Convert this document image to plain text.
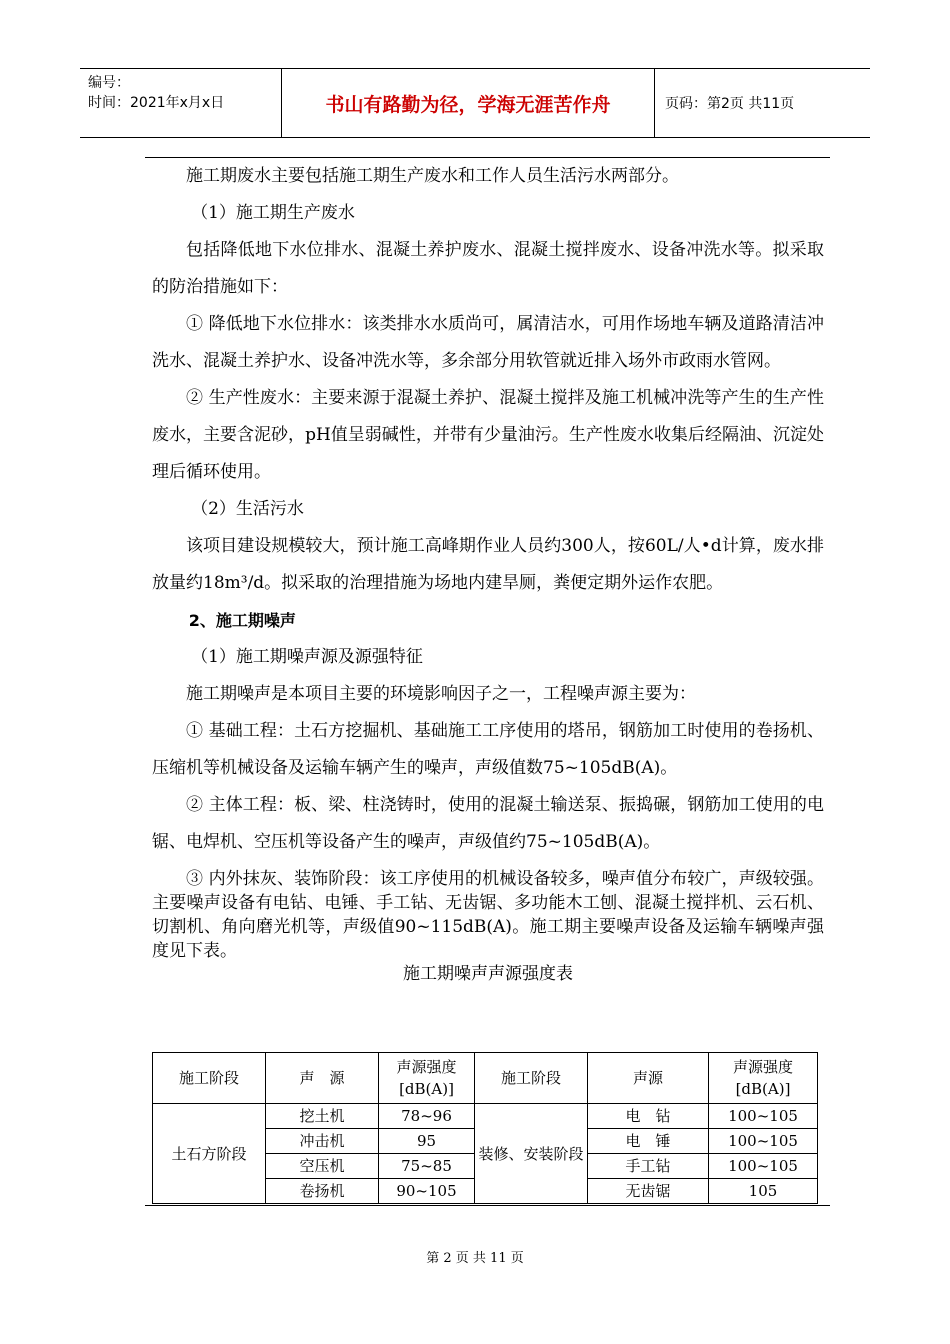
编号：
时间：2021年x月x日	书山有路勤为径，学海无涯苦作舟	页码：第2页 共11页

施工期废水主要包括施工期生产废水和工作人员生活污水两部分。

（1）施工期生产废水

包括降低地下水位排水、混凝土养护废水、混凝土搅拌废水、设备冲洗水等。拟采取的防治措施如下：

① 降低地下水位排水：该类排水水质尚可，属清洁水，可用作场地车辆及道路清洁冲洗水、混凝土养护水、设备冲洗水等，多余部分用软管就近排入场外市政雨水管网。

② 生产性废水：主要来源于混凝土养护、混凝土搅拌及施工机械冲洗等产生的生产性废水，主要含泥砂，pH值呈弱碱性，并带有少量油污。生产性废水收集后经隔油、沉淀处理后循环使用。

（2）生活污水

该项目建设规模较大，预计施工高峰期作业人员约300人，按60L/人•d计算，废水排放量约18m³/d。拟采取的治理措施为场地内建旱厕，粪便定期外运作农肥。

2、施工期噪声

（1）施工期噪声源及源强特征

施工期噪声是本项目主要的环境影响因子之一，工程噪声源主要为：

① 基础工程：土石方挖掘机、基础施工工序使用的塔吊，钢筋加工时使用的卷扬机、压缩机等机械设备及运输车辆产生的噪声，声级值数75~105dB(A)。

② 主体工程：板、梁、柱浇铸时，使用的混凝土输送泵、振捣碾，钢筋加工使用的电锯、电焊机、空压机等设备产生的噪声，声级值约75~105dB(A)。

③ 内外抹灰、装饰阶段：该工序使用的机械设备较多，噪声值分布较广，声级较强。主要噪声设备有电钻、电锤、手工钻、无齿锯、多功能木工刨、混凝土搅拌机、云石机、切割机、角向磨光机等，声级值90~115dB(A)。施工期主要噪声设备及运输车辆噪声强度见下表。

施工期噪声声源强度表
施工阶段	声　源	声源强度[dB(A)]	施工阶段	声源	声源强度[dB(A)]
土石方阶段	挖土机	78~96	装修、安装阶段	电　钻	100~105
	冲击机	95		电　锤	100~105
	空压机	75~85		手工钻	100~105
	卷扬机	90~105		无齿锯	105
第 2 页 共 11 页
